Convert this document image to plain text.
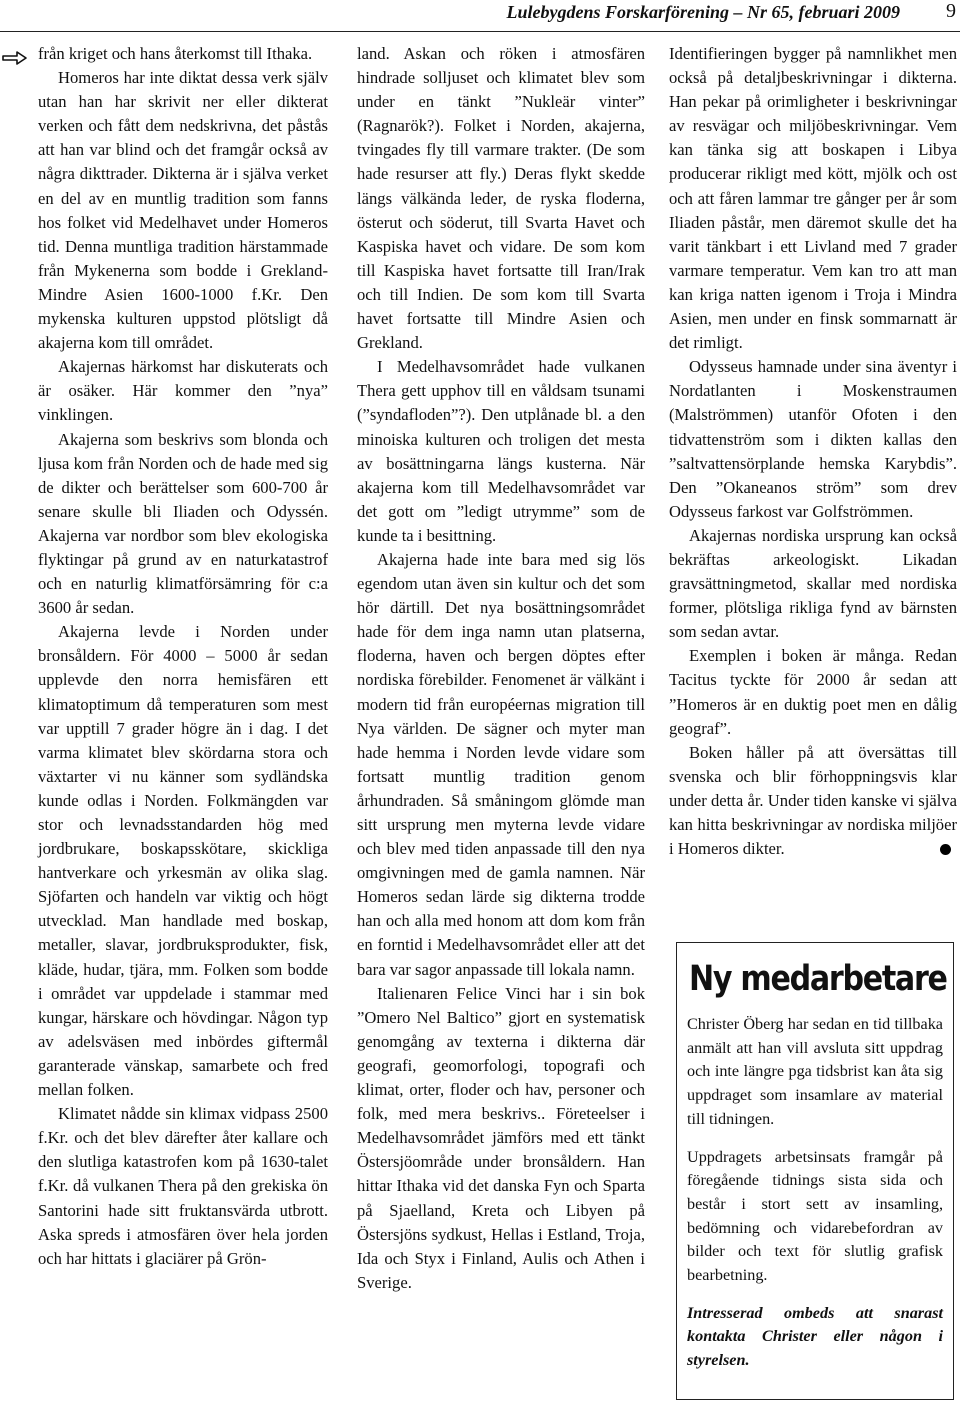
Lulebygdens Forskarförening – Nr 65, februari 2009 9

från kriget och hans återkomst till Ithaka.

Homeros har inte diktat dessa verk själv utan han har skrivit ner eller dikterat verken och fått dem nedskrivna, det påstås att han var blind och det framgår också av några dikttrader. Dikterna är i själva verket en del av en muntlig tradition som fanns hos folket vid Medelhavet under Homeros tid. Denna muntliga tradition härstammade från Mykenerna som bodde i Grekland-Mindre Asien 1600-1000 f.Kr. Den mykenska kulturen uppstod plötsligt då akajerna kom till området.

Akajernas härkomst har diskuterats och är osäker. Här kommer den ”nya” vinklingen.

Akajerna som beskrivs som blonda och ljusa kom från Norden och de hade med sig de dikter och berättelser som 600-700 år senare skulle bli Iliaden och Odyssén. Akajerna var nordbor som blev ekologiska flyktingar på grund av en naturkatastrof och en naturlig klimatförsämring för c:a 3600 år sedan.

Akajerna levde i Norden under bronsåldern. För 4000 – 5000 år sedan upplevde den norra hemisfären ett klimatoptimum då temperaturen som mest var upptill 7 grader högre än i dag. I det varma klimatet blev skördarna stora och växtarter vi nu känner som sydländska kunde odlas i Norden. Folkmängden var stor och levnadsstandarden hög med jordbrukare, boskapsskötare, skickliga hantverkare och yrkesmän av olika slag. Sjöfarten och handeln var viktig och högt utvecklad. Man handlade med boskap, metaller, slavar, jordbruksprodukter, fisk, kläde, hudar, tjära, mm. Folken som bodde i området var uppdelade i stammar med kungar, härskare och hövdingar. Någon typ av adelsväsen med inbördes giftermål garanterade vänskap, samarbete och fred mellan folken.

Klimatet nådde sin klimax vidpass 2500 f.Kr. och det blev därefter åter kallare och den slutliga katastrofen kom på 1630-talet f.Kr. då vulkanen Thera på den grekiska ön Santorini hade sitt fruktansvärda utbrott. Aska spreds i atmosfären över hela jorden och har hittats i glaciärer på Grön-

land. Askan och röken i atmosfären hindrade solljuset och klimatet blev som under en tänkt ”Nukleär vinter” (Ragnarök?). Folket i Norden, akajerna, tvingades fly till varmare trakter. (De som hade resurser att fly.) Deras flykt skedde längs välkända leder, de ryska floderna, österut och söderut, till Svarta Havet och Kaspiska havet och vidare. De som kom till Kaspiska havet fortsatte till Iran/Irak och till Indien. De som kom till Svarta havet fortsatte till Mindre Asien och Grekland.

I Medelhavsområdet hade vulkanen Thera gett upphov till en våldsam tsunami (”syndafloden”?). Den utplånade bl. a den minoiska kulturen och troligen det mesta av bosättningarna längs kusterna. När akajerna kom till Medelhavsområdet var det gott om ”ledigt utrymme” som de kunde ta i besittning.

Akajerna hade inte bara med sig lös egendom utan även sin kultur och det som hör därtill. Det nya bosättningsområdet hade för dem inga namn utan platserna, floderna, haven och bergen döptes efter nordiska förebilder. Fenomenet är välkänt i modern tid från européernas migration till Nya världen. De sägner och myter man hade hemma i Norden levde vidare som fortsatt muntlig tradition genom århundraden. Så småningom glömde man sitt ursprung men myterna levde vidare och blev med tiden anpassade till den nya omgivningen med de gamla namnen. När Homeros sedan lärde sig dikterna trodde han och alla med honom att dom kom från en forntid i Medelhavsområdet eller att det bara var sagor anpassade till lokala namn.

Italienaren Felice Vinci har i sin bok ”Omero Nel Baltico” gjort en systematisk genomgång av texterna i dikterna där geografi, geomorfologi, topografi och klimat, orter, floder och hav, personer och folk, med mera beskrivs.. Företeelser i Medelhavsområdet jämförs med ett tänkt Östersjöområde under bronsåldern. Han hittar Ithaka vid det danska Fyn och Sparta på Sjaelland, Kreta och Libyen på Östersjöns sydkust, Hellas i Estland, Troja, Ida och Styx i Finland, Aulis och Athen i Sverige.

Identifieringen bygger på namnlikhet men också på detaljbeskrivningar i dikterna. Han pekar på orimligheter i beskrivningar av resvägar och miljöbeskrivningar. Vem kan tänka sig att boskapen i Libya producerar rikligt med kött, mjölk och ost och att fåren lammar tre gånger per år som Iliaden påstår, men däremot skulle det ha varit tänkbart i ett Livland med 7 grader varmare temperatur. Vem kan tro att man kan kriga natten igenom i Troja i Mindra Asien, men under en finsk sommarnatt är det rimligt.

Odysseus hamnade under sina äventyr i Nordatlanten i Moskenstraumen (Malströmmen) utanför Ofoten i den tidvattenström som i dikten kallas den ”saltvattensörplande hemska Karybdis”. Den ”Okaneanos ström” som drev Odysseus farkost var Golfströmmen.

Akajernas nordiska ursprung kan också bekräftas arkeologiskt. Likadan gravsättningmetod, skallar med nordiska former, plötsliga rikliga fynd av bärnsten som sedan avtar.

Exemplen i boken är många. Redan Tacitus tyckte för 2000 år sedan att ”Homeros är en duktig poet men en dålig geograf”.

Boken håller på att översättas till svenska och blir förhoppningsvis klar under detta år. Under tiden kanske vi själva kan hitta beskrivningar av nordiska miljöer i Homeros dikter.

Ny medarbetare

Christer Öberg har sedan en tid tillbaka anmält att han vill avsluta sitt uppdrag och inte längre pga tidsbrist kan åta sig uppdraget som insamlare av material till tidningen.

Uppdragets arbetsinsats framgår på föregående tidnings sista sida och består i stort sett av insamling, bedömning och vidarebefordran av bilder och text för slutlig grafisk bearbetning.

Intresserad ombeds att snarast kontakta Christer eller någon i styrelsen.
